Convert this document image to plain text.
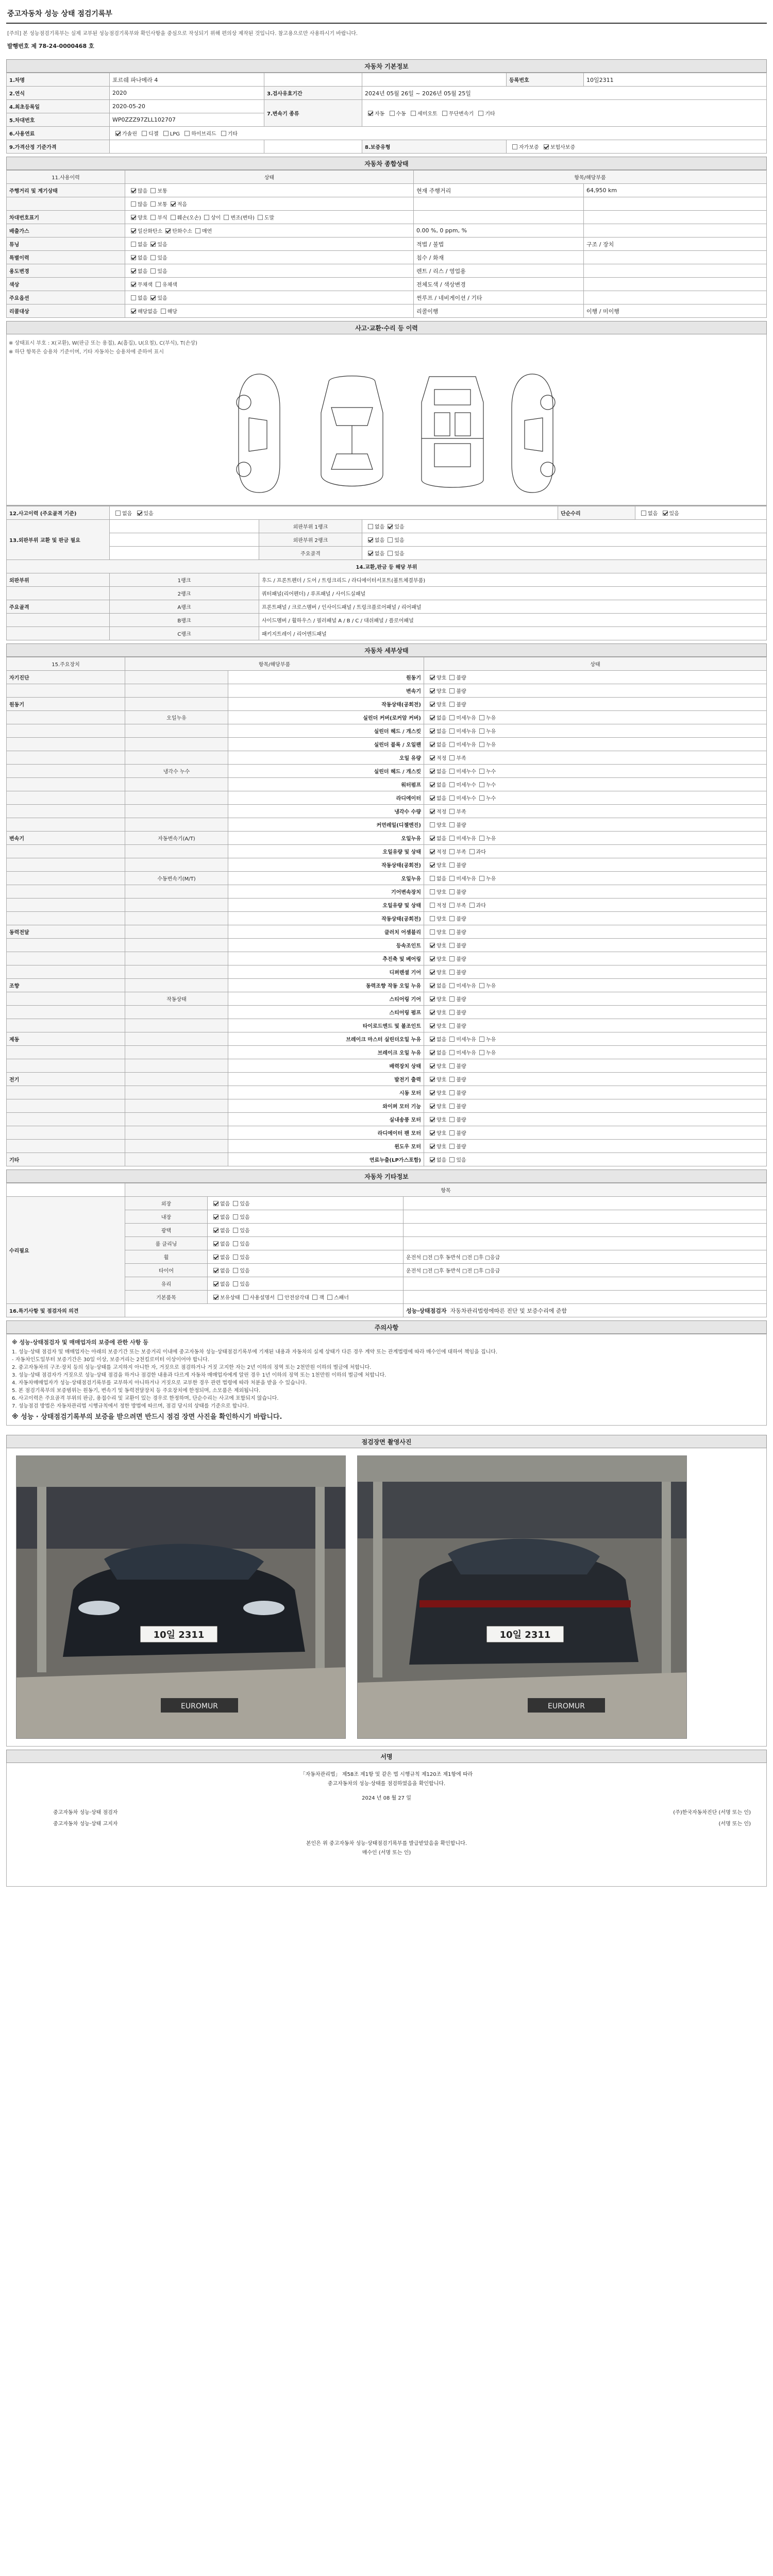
중고자동차 성능 상태 점검기록부
[주의] 본 성능점검기록부는 실제 교부된 성능점검기록부와 확인사항을 중심으로 작성되기 위해 편의상 제작된 것입니다. 참고용으로만 사용하시기 바랍니다.
발행번호 제 78-24-0000468 호
자동차 기본정보
1.차명	포르쉐 파나메라 4			등록번호	10일2311
2.연식	2020	3.검사유효기간	2024년 05월 26일 ~ 2026년 05월 25일		
4.최초등록일	2020-05-20	7.변속기 종류	자동 수동 세미오토 무단변속기 기타		
5.차대번호	WP0ZZZ97ZLL102707				
6.사용연료	가솔린 디젤 LPG 하이브리드 기타				
9.가격산정 기준가격			8.보증유형	자가보증 보험사보증	
자동차 종합상태
11.사용이력	상태	항목/해당부품	
주행거리 및 계기상태	많음 보통	현재 주행거리	64,950 km
	많음 보통 적음		
차대번호표기	양호 부식 훼손(오손) 상이 변조(변타) 도말		
배출가스	일산화탄소 탄화수소 매연	0.00 %, 0 ppm, %	
튜닝	없음 있음	적법 / 불법	구조 / 장치
특별이력	없음 있음	침수 / 화재	
용도변경	없음 있음	렌트 / 리스 / 영업용	
색상	무채색 유채색	전체도색 / 색상변경	
주요옵션	없음 있음	썬루프 / 네비게이션 / 기타	
리콜대상	해당없음 해당	리콜이행	이행 / 미이행
사고·교환·수리 등 이력
※ 상태표시 부호 : X(교환), W(판금 또는 용접), A(흠집), U(요철), C(부식), T(손상)
※ 하단 항목은 승용차 기준이며, 기타 자동차는 승용차에 준하여 표시
12.사고이력 (주요골격 기준)	없음 있음			단순수리	없음 있음
13.외판부위 교환 및 판금 필요		외판부위 1랭크	없음 있음		
		외판부위 2랭크	없음 있음		
		주요골격	없음 있음		
14.교환,판금 등 해당 부위					
외판부위	1랭크	후드 / 프론트펜더 / 도어 / 트렁크리드 / 라디에이터서포트(볼트체결부품)			
	2랭크	쿼터패널(리어펜더) / 루프패널 / 사이드실패널			
주요골격	A랭크	프론트패널 / 크로스멤버 / 인사이드패널 / 트렁크플로어패널 / 리어패널			
	B랭크	사이드멤버 / 휠하우스 / 필러패널 A / B / C / 대쉬패널 / 플로어패널			
	C랭크	패키지트레이 / 리어엔드패널			
자동차 세부상태
15.주요장치	항목/해당부품		상태
자기진단		원동기	양호 불량
		변속기	양호 불량
원동기		작동상태(공회전)	양호 불량
	오일누유	실린더 커버(로커암 커버)	없음 미세누유 누유
		실린더 헤드 / 개스킷	없음 미세누유 누유
		실린더 블록 / 오일팬	없음 미세누유 누유
		오일 유량	적정 부족
	냉각수 누수	실린더 헤드 / 개스킷	없음 미세누수 누수
		워터펌프	없음 미세누수 누수
		라디에이터	없음 미세누수 누수
		냉각수 수량	적정 부족
		커먼레일(디젤엔진)	양호 불량
변속기	자동변속기(A/T)	오일누유	없음 미세누유 누유
		오일유량 및 상태	적정 부족 과다
		작동상태(공회전)	양호 불량
	수동변속기(M/T)	오일누유	없음 미세누유 누유
		기어변속장치	양호 불량
		오일유량 및 상태	적정 부족 과다
		작동상태(공회전)	양호 불량
동력전달		클러치 어셈블리	양호 불량
		등속조인트	양호 불량
		추진축 및 베어링	양호 불량
		디퍼렌셜 기어	양호 불량
조향		동력조향 작동 오일 누유	없음 미세누유 누유
	작동상태	스티어링 기어	양호 불량
		스티어링 펌프	양호 불량
		타이로드엔드 및 볼조인트	양호 불량
제동		브레이크 마스터 실린더오일 누유	없음 미세누유 누유
		브레이크 오일 누유	없음 미세누유 누유
		배력장치 상태	양호 불량
전기		발전기 출력	양호 불량
		시동 모터	양호 불량
		와이퍼 모터 기능	양호 불량
		실내송풍 모터	양호 불량
		라디에이터 팬 모터	양호 불량
		윈도우 모터	양호 불량
기타		연료누출(LP가스포함)	없음 있음
자동차 기타정보
	항목		
수리필요	외장	없음 있음	
	내장	없음 있음	
	광택	없음 있음	
	룸 클리닝	없음 있음	
	휠	없음 있음	운전석 □전 □후 동반석 □전 □후 □응급
	타이어	없음 있음	운전석 □전 □후 동반석 □전 □후 □응급
	유리	없음 있음	
	기본품목	보유상태 사용설명서 안전삼각대 잭 스패너	
16.특기사항 및 점검자의 의견			성능·상태점검자 자동차관리법령에따른 진단 및 보증수리에 준함
주의사항
※ 성능·상태점검자 및 매매업자의 보증에 관한 사항 등
1. 성능·상태 점검자 및 매매업자는 아래의 보증기간 또는 보증거리 이내에 중고자동차 성능·상태점검기록부에 기재된 내용과 자동차의 실제 상태가 다른 경우 계약 또는 관계법령에 따라 매수인에 대하여 책임을 집니다.
- 자동차인도일부터 보증기간은 30일 이상, 보증거리는 2천킬로미터 이상이어야 합니다.
2. 중고자동차의 구조·장치 등의 성능·상태를 고지하지 아니한 자, 거짓으로 점검하거나 거짓 고지한 자는 2년 이하의 징역 또는 2천만원 이하의 벌금에 처합니다.
3. 성능·상태 점검자가 거짓으로 성능·상태 점검을 하거나 점검한 내용과 다르게 자동차 매매업자에게 알린 경우 1년 이하의 징역 또는 1천만원 이하의 벌금에 처합니다.
4. 자동차매매업자가 성능·상태점검기록부를 교부하지 아니하거나 거짓으로 교부한 경우 관련 법령에 따라 처분을 받을 수 있습니다.
5. 본 점검기록부의 보증범위는 원동기, 변속기 및 동력전달장치 등 주요장치에 한정되며, 소모품은 제외됩니다.
6. 사고이력은 주요골격 부위의 판금, 용접수리 및 교환이 있는 경우로 한정하며, 단순수리는 사고에 포함되지 않습니다.
7. 성능점검 방법은 자동차관리법 시행규칙에서 정한 방법에 따르며, 점검 당시의 상태를 기준으로 합니다.
※ 성능 · 상태점검기록부의 보증을 받으려면 반드시 점검 장면 사진을 확인하시기 바랍니다.
점검장면 촬영사진
10일 2311
EUROMUR
10일 2311
EUROMUR
서명
「자동차관리법」 제58조 제1항 및 같은 법 시행규칙 제120조 제1항에 따라
중고자동차의 성능·상태를 점검하였음을 확인합니다.
2024 년 08 월 27 일
중고자동차 성능·상태 점검자	(주)한국자동차진단 (서명 또는 인)
중고자동차 성능·상태 고지자	(서명 또는 인)
본인은 위 중고자동차 성능·상태점검기록부를 발급받았음을 확인합니다.
매수인 (서명 또는 인)
